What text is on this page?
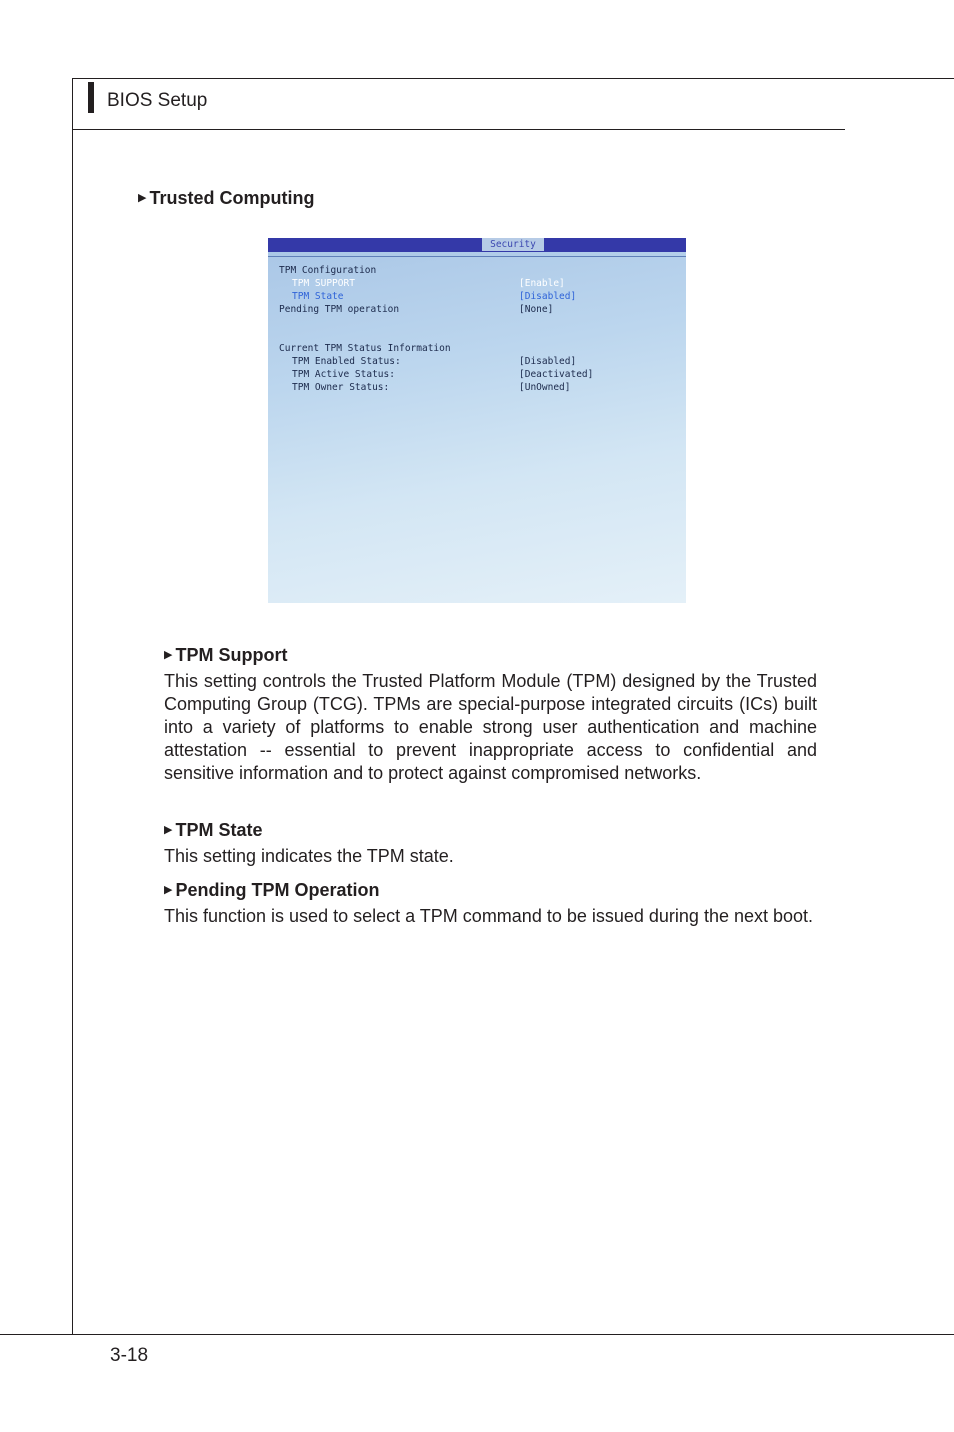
BIOS Setup
▶ Trusted Computing
Security
TPM Configuration
TPM SUPPORT	[Enable]
TPM State	[Disabled]
Pending TPM operation	[None]
Current TPM Status Information
TPM Enabled Status:	[Disabled]
TPM Active Status:	[Deactivated]
TPM Owner Status:	[UnOwned]
▶ TPM Support
This setting controls the Trusted Platform Module (TPM) designed by the Trusted Computing Group (TCG). TPMs are special-purpose integrated circuits (ICs) built into a variety of platforms to enable strong user authentication and machine attestation -- essential to prevent inappropriate access to confidential and sensitive information and to protect against compromised networks.
▶ TPM State
This setting indicates the TPM state.
▶ Pending TPM Operation
This function is used to select a TPM command to be issued during the next boot.
3-18
